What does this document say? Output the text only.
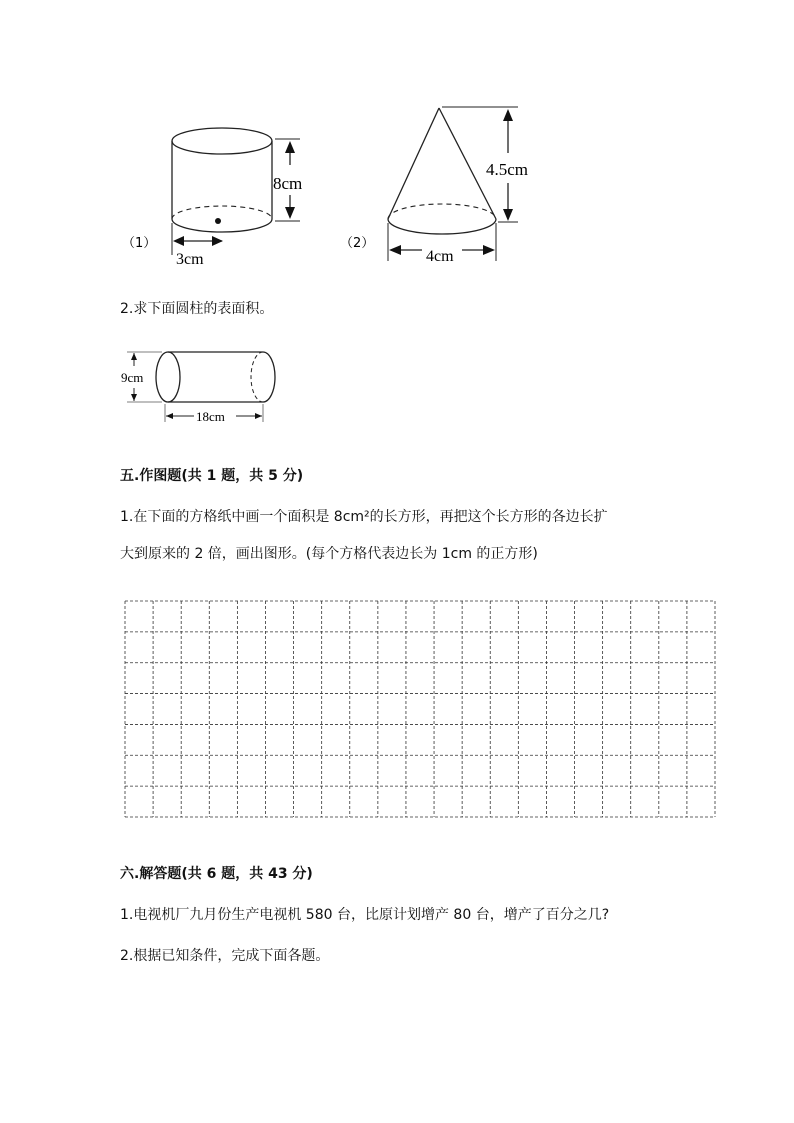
（1）
8cm
3cm
（2）
4.5cm
4cm
2.求下面圆柱的表面积。
9cm
18cm
五.作图题(共 1 题，共 5 分)
1.在下面的方格纸中画一个面积是 8cm²的长方形，再把这个长方形的各边长扩
大到原来的 2 倍，画出图形。(每个方格代表边长为 1cm 的正方形)
六.解答题(共 6 题，共 43 分)
1.电视机厂九月份生产电视机 580 台，比原计划增产 80 台，增产了百分之几?
2.根据已知条件，完成下面各题。
